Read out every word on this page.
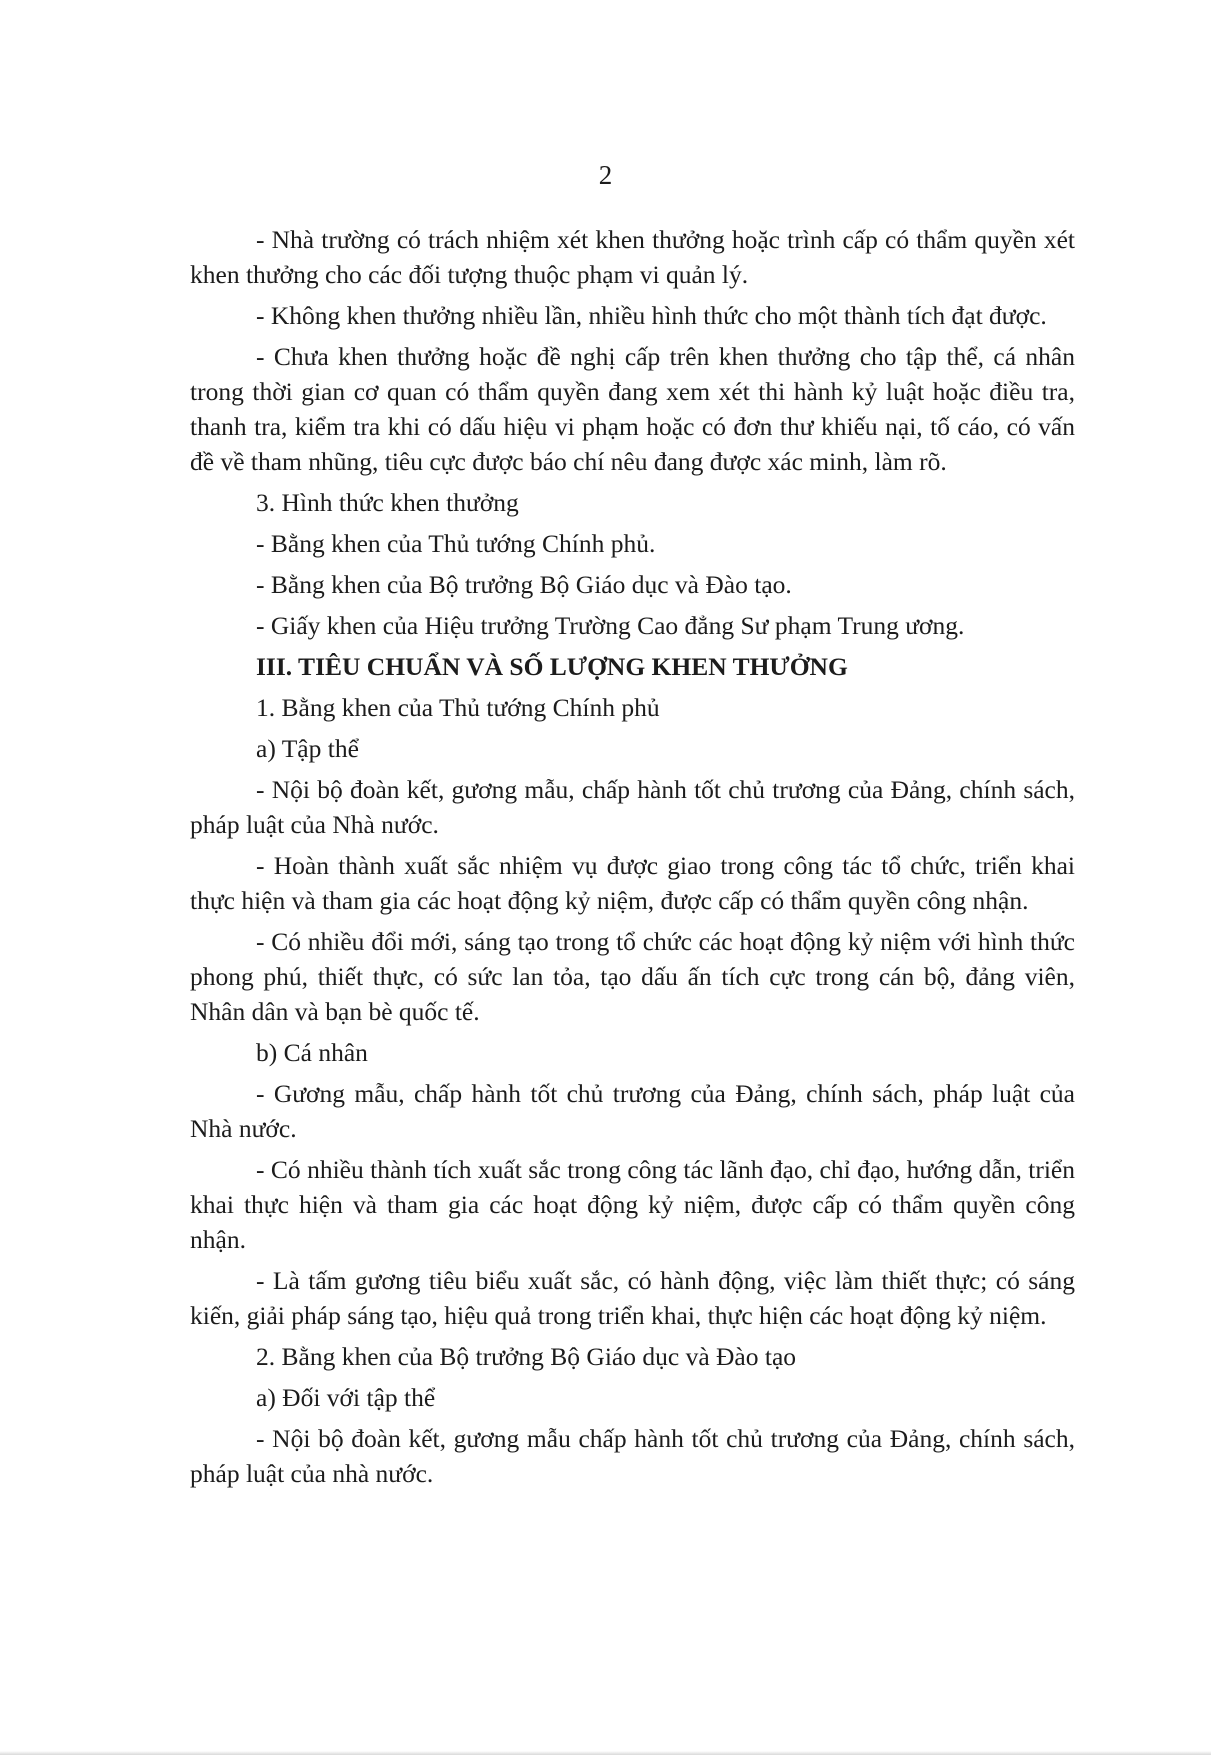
2

- Nhà trường có trách nhiệm xét khen thưởng hoặc trình cấp có thẩm quyền xét khen thưởng cho các đối tượng thuộc phạm vi quản lý.

- Không khen thưởng nhiều lần, nhiều hình thức cho một thành tích đạt được.

- Chưa khen thưởng hoặc đề nghị cấp trên khen thưởng cho tập thể, cá nhân trong thời gian cơ quan có thẩm quyền đang xem xét thi hành kỷ luật hoặc điều tra, thanh tra, kiểm tra khi có dấu hiệu vi phạm hoặc có đơn thư khiếu nại, tố cáo, có vấn đề về tham nhũng, tiêu cực được báo chí nêu đang được xác minh, làm rõ.

3. Hình thức khen thưởng

- Bằng khen của Thủ tướng Chính phủ.

- Bằng khen của Bộ trưởng Bộ Giáo dục và Đào tạo.

- Giấy khen của Hiệu trưởng Trường Cao đẳng Sư phạm Trung ương.

III. TIÊU CHUẨN VÀ SỐ LƯỢNG KHEN THƯỞNG

1. Bằng khen của Thủ tướng Chính phủ

a) Tập thể

- Nội bộ đoàn kết, gương mẫu, chấp hành tốt chủ trương của Đảng, chính sách, pháp luật của Nhà nước.

- Hoàn thành xuất sắc nhiệm vụ được giao trong công tác tổ chức, triển khai thực hiện và tham gia các hoạt động kỷ niệm, được cấp có thẩm quyền công nhận.

- Có nhiều đổi mới, sáng tạo trong tổ chức các hoạt động kỷ niệm với hình thức phong phú, thiết thực, có sức lan tỏa, tạo dấu ấn tích cực trong cán bộ, đảng viên, Nhân dân và bạn bè quốc tế.

b) Cá nhân

- Gương mẫu, chấp hành tốt chủ trương của Đảng, chính sách, pháp luật của Nhà nước.

- Có nhiều thành tích xuất sắc trong công tác lãnh đạo, chỉ đạo, hướng dẫn, triển khai thực hiện và tham gia các hoạt động kỷ niệm, được cấp có thẩm quyền công nhận.

- Là tấm gương tiêu biểu xuất sắc, có hành động, việc làm thiết thực; có sáng kiến, giải pháp sáng tạo, hiệu quả trong triển khai, thực hiện các hoạt động kỷ niệm.

2. Bằng khen của Bộ trưởng Bộ Giáo dục và Đào tạo

a) Đối với tập thể

- Nội bộ đoàn kết, gương mẫu chấp hành tốt chủ trương của Đảng, chính sách, pháp luật của nhà nước.
